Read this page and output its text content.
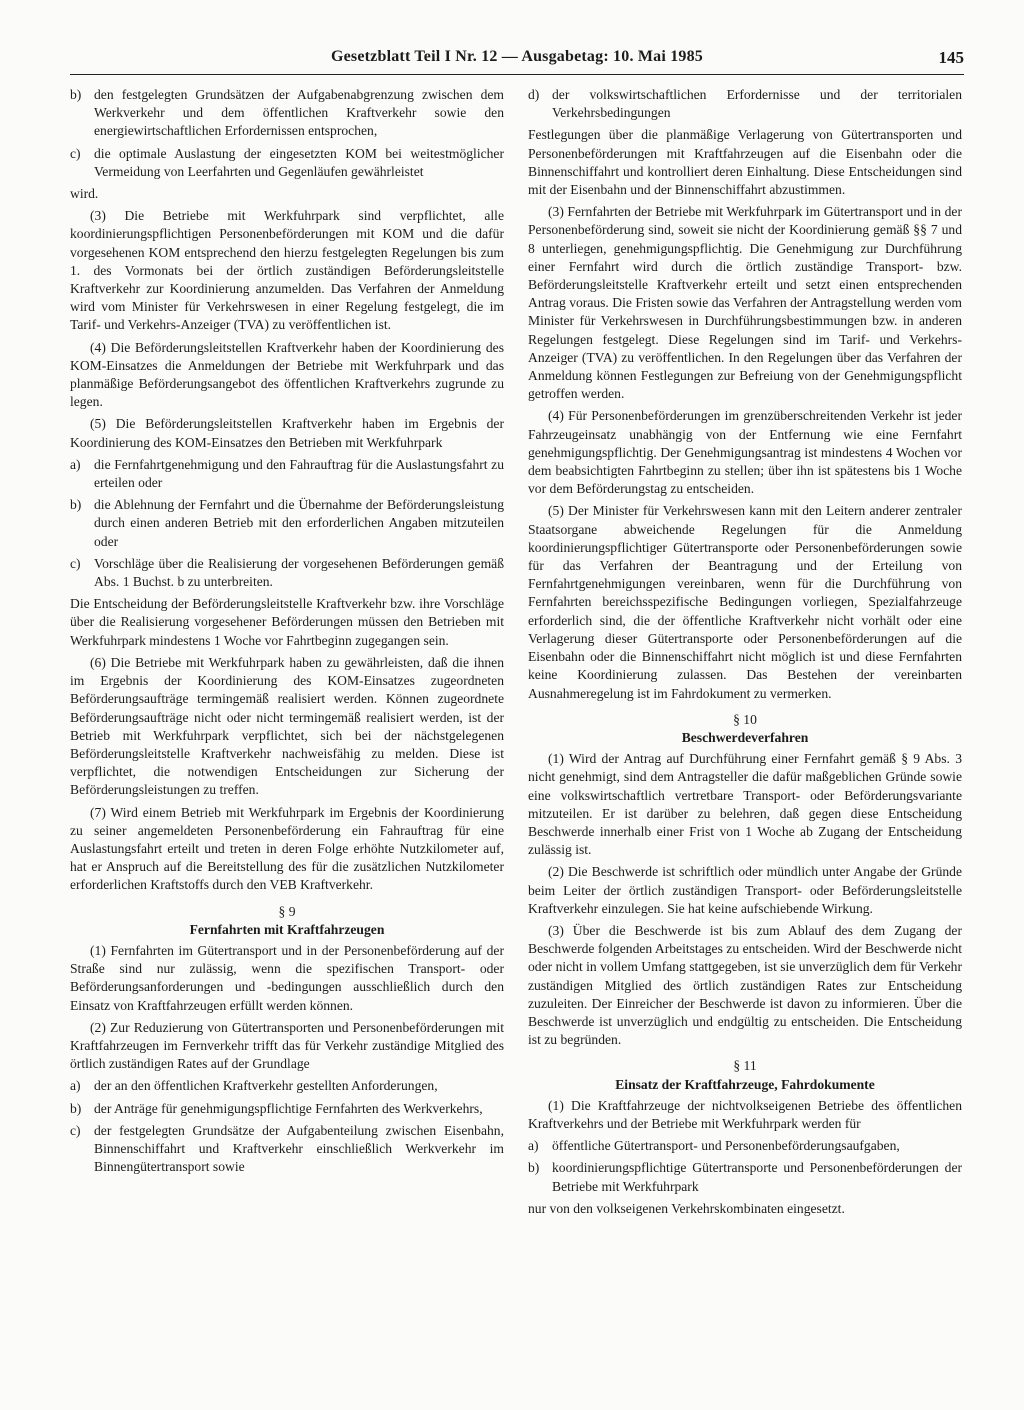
Gesetzblatt Teil I Nr. 12 — Ausgabetag: 10. Mai 1985	145
b) den festgelegten Grundsätzen der Aufgabenabgrenzung zwischen dem Werkverkehr und dem öffentlichen Kraftverkehr sowie den energiewirtschaftlichen Erfordernissen entsprochen,
c) die optimale Auslastung der eingesetzten KOM bei weitestmöglicher Vermeidung von Leerfahrten und Gegenläufen gewährleistet

wird.

(3) Die Betriebe mit Werkfuhrpark sind verpflichtet, alle koordinierungspflichtigen Personenbeförderungen mit KOM und die dafür vorgesehenen KOM entsprechend den hierzu festgelegten Regelungen bis zum 1. des Vormonats bei der örtlich zuständigen Beförderungsleitstelle Kraftverkehr zur Koordinierung anzumelden. Das Verfahren der Anmeldung wird vom Minister für Verkehrswesen in einer Regelung festgelegt, die im Tarif- und Verkehrs-Anzeiger (TVA) zu veröffentlichen ist.

(4) Die Beförderungsleitstellen Kraftverkehr haben der Koordinierung des KOM-Einsatzes die Anmeldungen der Betriebe mit Werkfuhrpark und das planmäßige Beförderungsangebot des öffentlichen Kraftverkehrs zugrunde zu legen.

(5) Die Beförderungsleitstellen Kraftverkehr haben im Ergebnis der Koordinierung des KOM-Einsatzes den Betrieben mit Werkfuhrpark

a) die Fernfahrtgenehmigung und den Fahrauftrag für die Auslastungsfahrt zu erteilen oder
b) die Ablehnung der Fernfahrt und die Übernahme der Beförderungsleistung durch einen anderen Betrieb mit den erforderlichen Angaben mitzuteilen oder
c) Vorschläge über die Realisierung der vorgesehenen Beförderungen gemäß Abs. 1 Buchst. b zu unterbreiten.

Die Entscheidung der Beförderungsleitstelle Kraftverkehr bzw. ihre Vorschläge über die Realisierung vorgesehener Beförderungen müssen den Betrieben mit Werkfuhrpark mindestens 1 Woche vor Fahrtbeginn zugegangen sein.

(6) Die Betriebe mit Werkfuhrpark haben zu gewährleisten, daß die ihnen im Ergebnis der Koordinierung des KOM-Einsatzes zugeordneten Beförderungsaufträge termingemäß realisiert werden. Können zugeordnete Beförderungsaufträge nicht oder nicht termingemäß realisiert werden, ist der Betrieb mit Werkfuhrpark verpflichtet, sich bei der nächstgelegenen Beförderungsleitstelle Kraftverkehr nachweisfähig zu melden. Diese ist verpflichtet, die notwendigen Entscheidungen zur Sicherung der Beförderungsleistungen zu treffen.

(7) Wird einem Betrieb mit Werkfuhrpark im Ergebnis der Koordinierung zu seiner angemeldeten Personenbeförderung ein Fahrauftrag für eine Auslastungsfahrt erteilt und treten in deren Folge erhöhte Nutzkilometer auf, hat er Anspruch auf die Bereitstellung des für die zusätzlichen Nutzkilometer erforderlichen Kraftstoffs durch den VEB Kraftverkehr.

§ 9

Fernfahrten mit Kraftfahrzeugen

(1) Fernfahrten im Gütertransport und in der Personenbeförderung auf der Straße sind nur zulässig, wenn die spezifischen Transport- oder Beförderungsanforderungen und -bedingungen ausschließlich durch den Einsatz von Kraftfahrzeugen erfüllt werden können.

(2) Zur Reduzierung von Gütertransporten und Personenbeförderungen mit Kraftfahrzeugen im Fernverkehr trifft das für Verkehr zuständige Mitglied des örtlich zuständigen Rates auf der Grundlage

a) der an den öffentlichen Kraftverkehr gestellten Anforderungen,
b) der Anträge für genehmigungspflichtige Fernfahrten des Werkverkehrs,
c) der festgelegten Grundsätze der Aufgabenteilung zwischen Eisenbahn, Binnenschiffahrt und Kraftverkehr einschließlich Werkverkehr im Binnengütertransport sowie
d) der volkswirtschaftlichen Erfordernisse und der territorialen Verkehrsbedingungen

Festlegungen über die planmäßige Verlagerung von Gütertransporten und Personenbeförderungen mit Kraftfahrzeugen auf die Eisenbahn oder die Binnenschiffahrt und kontrolliert deren Einhaltung. Diese Entscheidungen sind mit der Eisenbahn und der Binnenschiffahrt abzustimmen.

(3) Fernfahrten der Betriebe mit Werkfuhrpark im Gütertransport und in der Personenbeförderung sind, soweit sie nicht der Koordinierung gemäß §§ 7 und 8 unterliegen, genehmigungspflichtig. Die Genehmigung zur Durchführung einer Fernfahrt wird durch die örtlich zuständige Transport- bzw. Beförderungsleitstelle Kraftverkehr erteilt und setzt einen entsprechenden Antrag voraus. Die Fristen sowie das Verfahren der Antragstellung werden vom Minister für Verkehrswesen in Durchführungsbestimmungen bzw. in anderen Regelungen festgelegt. Diese Regelungen sind im Tarif- und Verkehrs-Anzeiger (TVA) zu veröffentlichen. In den Regelungen über das Verfahren der Anmeldung können Festlegungen zur Befreiung von der Genehmigungspflicht getroffen werden.

(4) Für Personenbeförderungen im grenzüberschreitenden Verkehr ist jeder Fahrzeugeinsatz unabhängig von der Entfernung wie eine Fernfahrt genehmigungspflichtig. Der Genehmigungsantrag ist mindestens 4 Wochen vor dem beabsichtigten Fahrtbeginn zu stellen; über ihn ist spätestens bis 1 Woche vor dem Beförderungstag zu entscheiden.

(5) Der Minister für Verkehrswesen kann mit den Leitern anderer zentraler Staatsorgane abweichende Regelungen für die Anmeldung koordinierungspflichtiger Gütertransporte oder Personenbeförderungen sowie für das Verfahren der Beantragung und der Erteilung von Fernfahrtgenehmigungen vereinbaren, wenn für die Durchführung von Fernfahrten bereichsspezifische Bedingungen vorliegen, Spezialfahrzeuge erforderlich sind, die der öffentliche Kraftverkehr nicht vorhält oder eine Verlagerung dieser Gütertransporte oder Personenbeförderungen auf die Eisenbahn oder die Binnenschiffahrt nicht möglich ist und diese Fernfahrten keine Koordinierung zulassen. Das Bestehen der vereinbarten Ausnahmeregelung ist im Fahrdokument zu vermerken.

§ 10

Beschwerdeverfahren

(1) Wird der Antrag auf Durchführung einer Fernfahrt gemäß § 9 Abs. 3 nicht genehmigt, sind dem Antragsteller die dafür maßgeblichen Gründe sowie eine volkswirtschaftlich vertretbare Transport- oder Beförderungsvariante mitzuteilen. Er ist darüber zu belehren, daß gegen diese Entscheidung Beschwerde innerhalb einer Frist von 1 Woche ab Zugang der Entscheidung zulässig ist.

(2) Die Beschwerde ist schriftlich oder mündlich unter Angabe der Gründe beim Leiter der örtlich zuständigen Transport- oder Beförderungsleitstelle Kraftverkehr einzulegen. Sie hat keine aufschiebende Wirkung.

(3) Über die Beschwerde ist bis zum Ablauf des dem Zugang der Beschwerde folgenden Arbeitstages zu entscheiden. Wird der Beschwerde nicht oder nicht in vollem Umfang stattgegeben, ist sie unverzüglich dem für Verkehr zuständigen Mitglied des örtlich zuständigen Rates zur Entscheidung zuzuleiten. Der Einreicher der Beschwerde ist davon zu informieren. Über die Beschwerde ist unverzüglich und endgültig zu entscheiden. Die Entscheidung ist zu begründen.

§ 11

Einsatz der Kraftfahrzeuge, Fahrdokumente

(1) Die Kraftfahrzeuge der nichtvolkseigenen Betriebe des öffentlichen Kraftverkehrs und der Betriebe mit Werkfuhrpark werden für

a) öffentliche Gütertransport- und Personenbeförderungsaufgaben,
b) koordinierungspflichtige Gütertransporte und Personenbeförderungen der Betriebe mit Werkfuhrpark

nur von den volkseigenen Verkehrskombinaten eingesetzt.
